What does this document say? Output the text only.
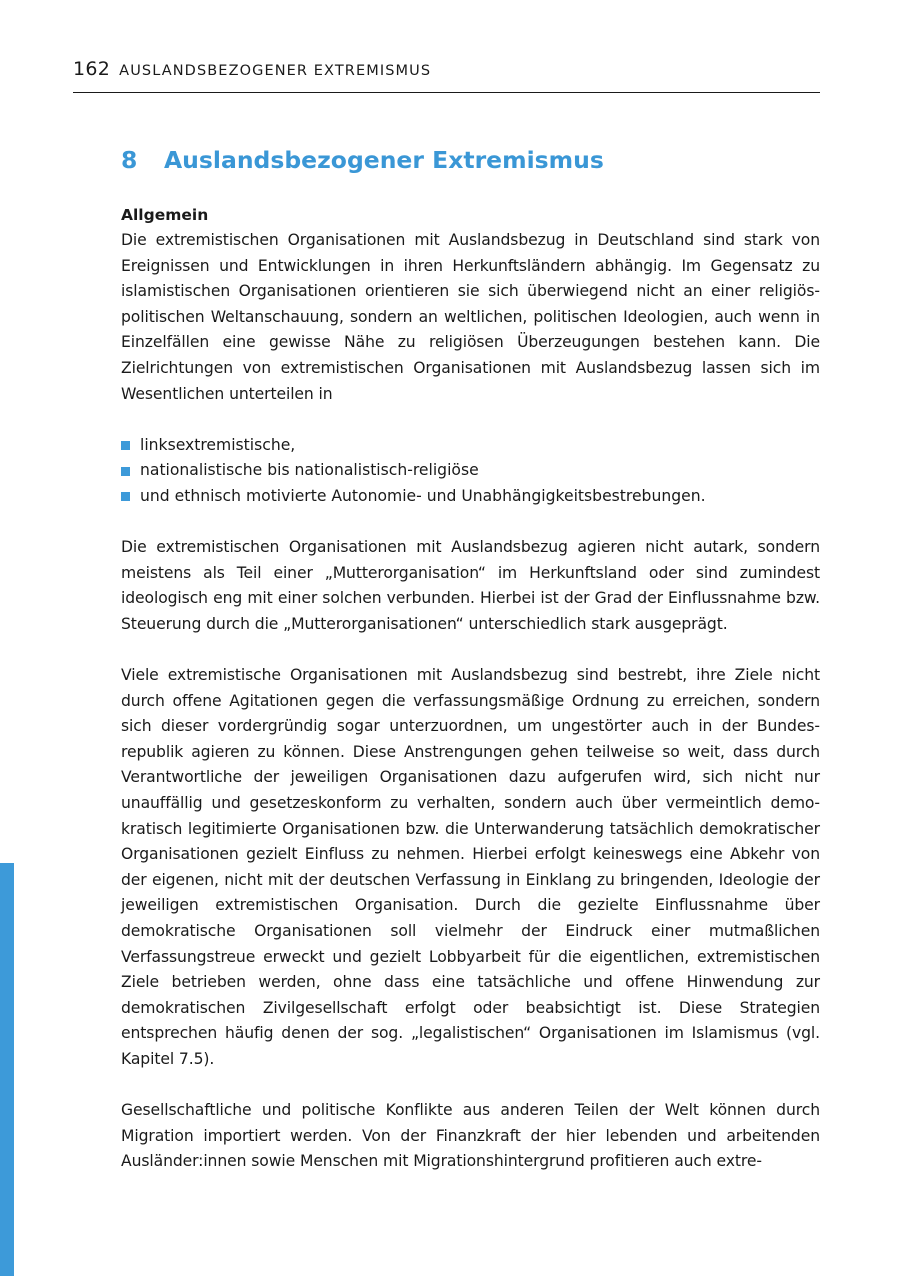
162 AUSLANDSBEZOGENER EXTREMISMUS
8	Auslandsbezogener Extremismus
Allgemein

Die extremistischen Organisationen mit Auslandsbezug in Deutschland sind stark von Ereignissen und Entwicklungen in ihren Herkunftsländern abhängig. Im Gegensatz zu islamistischen Organisationen orientieren sie sich überwiegend nicht an einer religiöspolitischen Weltanschauung, sondern an weltlichen, politischen Ideologien, auch wenn in Einzelfällen eine gewisse Nähe zu religiösen Überzeugungen bestehen kann. Die Zielrichtungen von extremistischen Organisationen mit Auslandsbezug lassen sich im Wesentlichen unterteilen in

linksextremistische,
nationalistische bis nationalistisch-religiöse
und ethnisch motivierte Autonomie- und Unabhängigkeitsbestrebungen.

Die extremistischen Organisationen mit Auslandsbezug agieren nicht autark, sondern meistens als Teil einer „Mutterorganisation“ im Herkunftsland oder sind zumindest ideologisch eng mit einer solchen verbunden. Hierbei ist der Grad der Einflussnahme bzw. Steuerung durch die „Mutterorganisationen“ unterschiedlich stark ausgeprägt.

Viele extremistische Organisationen mit Auslandsbezug sind bestrebt, ihre Ziele nicht durch offene Agitationen gegen die verfassungsmäßige Ordnung zu erreichen, sondern sich dieser vordergründig sogar unterzuordnen, um ungestörter auch in der Bundesrepublik agieren zu können. Diese Anstrengungen gehen teilweise so weit, dass durch Verantwortliche der jeweiligen Organisationen dazu aufgerufen wird, sich nicht nur unauffällig und gesetzeskonform zu verhalten, sondern auch über vermeintlich demokratisch legitimierte Organisationen bzw. die Unterwanderung tatsächlich demokratischer Organisationen gezielt Einfluss zu nehmen. Hierbei erfolgt keineswegs eine Abkehr von der eigenen, nicht mit der deutschen Verfassung in Einklang zu bringenden, Ideologie der jeweiligen extremistischen Organisation. Durch die gezielte Einflussnahme über demokratische Organisationen soll vielmehr der Eindruck einer mutmaßlichen Verfassungstreue erweckt und gezielt Lobbyarbeit für die eigentlichen, extremistischen Ziele betrieben werden, ohne dass eine tatsächliche und offene Hinwendung zur demokratischen Zivilgesellschaft erfolgt oder beabsichtigt ist. Diese Strategien entsprechen häufig denen der sog. „legalistischen“ Organisationen im Islamismus (vgl. Kapitel 7.5).

Gesellschaftliche und politische Konflikte aus anderen Teilen der Welt können durch Migration importiert werden. Von der Finanzkraft der hier lebenden und arbeitenden Ausländer:innen sowie Menschen mit Migrationshintergrund profitieren auch extre-
